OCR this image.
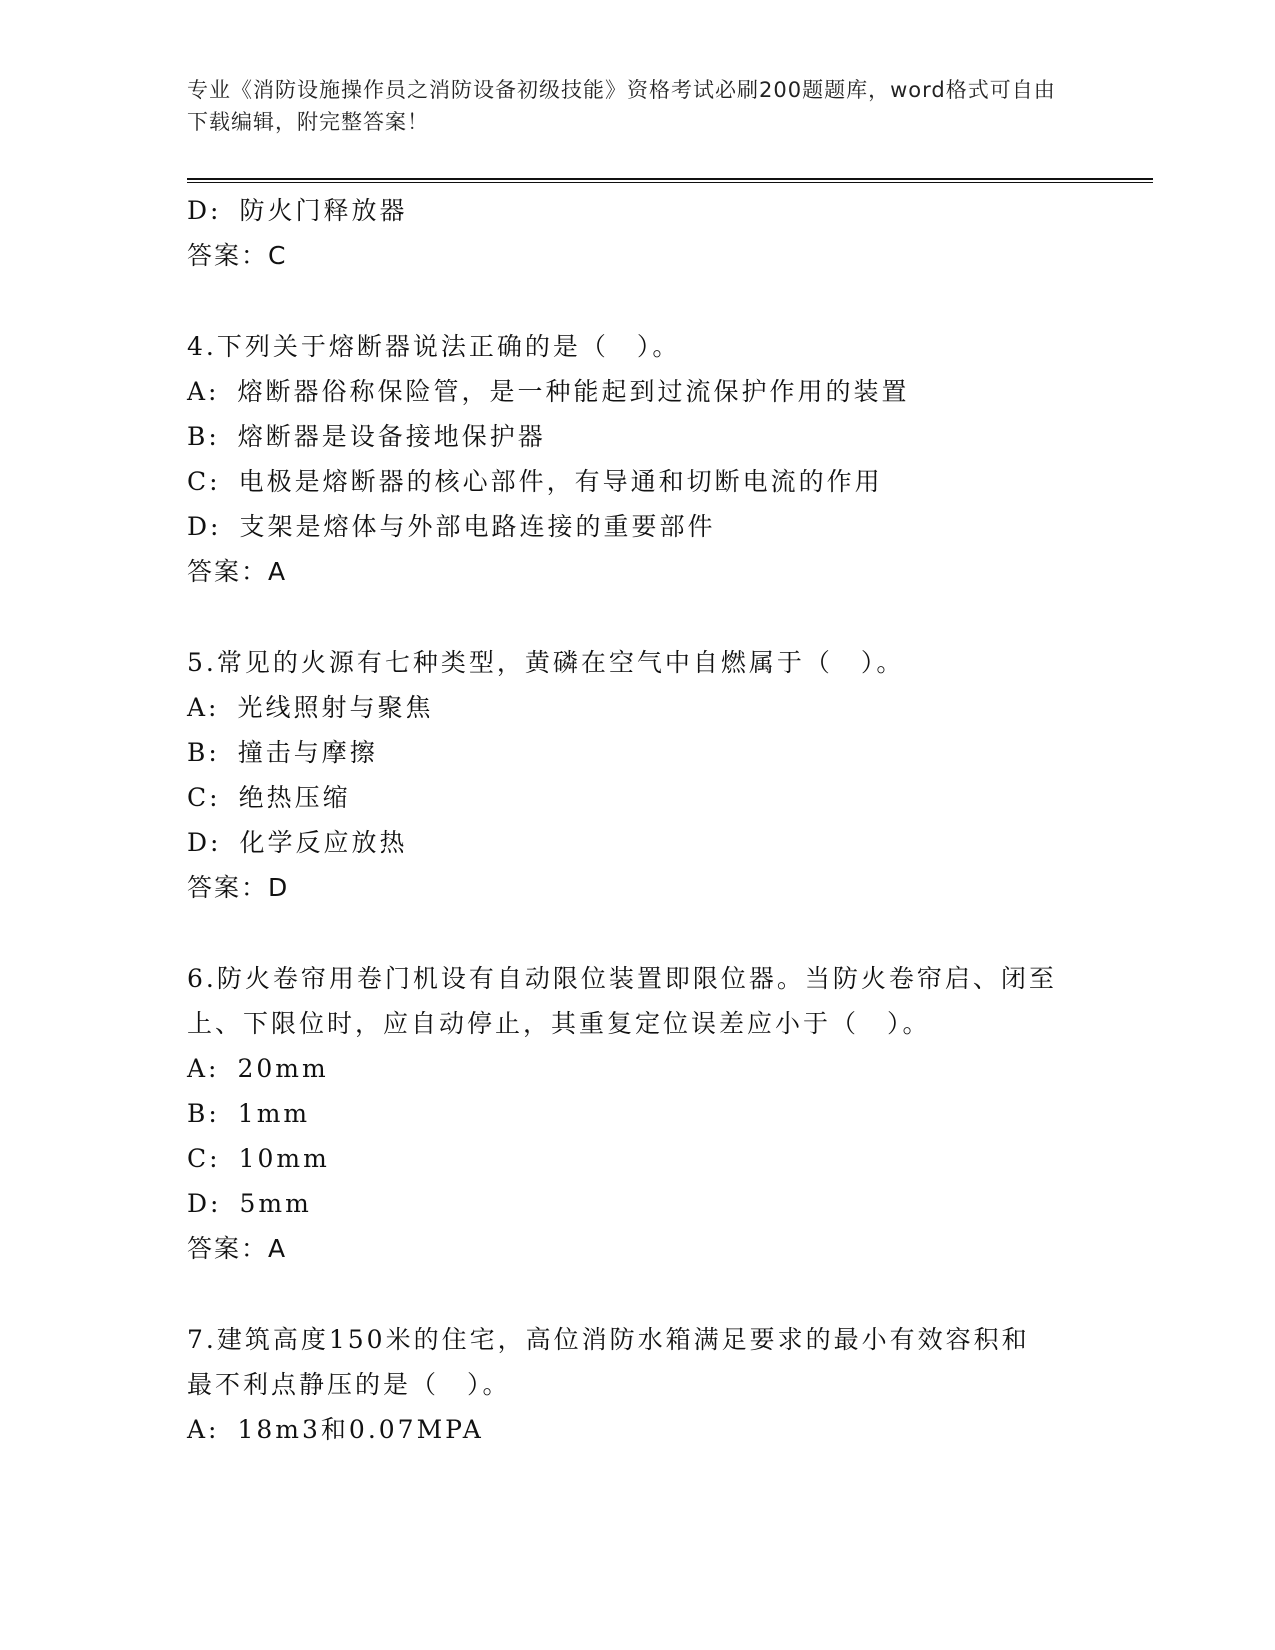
专业《消防设施操作员之消防设备初级技能》资格考试必刷200题题库，word格式可自由下载编辑，附完整答案！
D: 防火门释放器
答案：C
4.下列关于熔断器说法正确的是（　）。
A: 熔断器俗称保险管，是一种能起到过流保护作用的装置
B: 熔断器是设备接地保护器
C: 电极是熔断器的核心部件，有导通和切断电流的作用
D: 支架是熔体与外部电路连接的重要部件
答案：A
5.常见的火源有七种类型，黄磷在空气中自燃属于（　）。
A: 光线照射与聚焦
B: 撞击与摩擦
C: 绝热压缩
D: 化学反应放热
答案：D
6.防火卷帘用卷门机设有自动限位装置即限位器。当防火卷帘启、闭至上、下限位时，应自动停止，其重复定位误差应小于（　）。
A: 20mm
B: 1mm
C: 10mm
D: 5mm
答案：A
7.建筑高度150米的住宅，高位消防水箱满足要求的最小有效容积和最不利点静压的是（　）。
A: 18m3和0.07MPA
